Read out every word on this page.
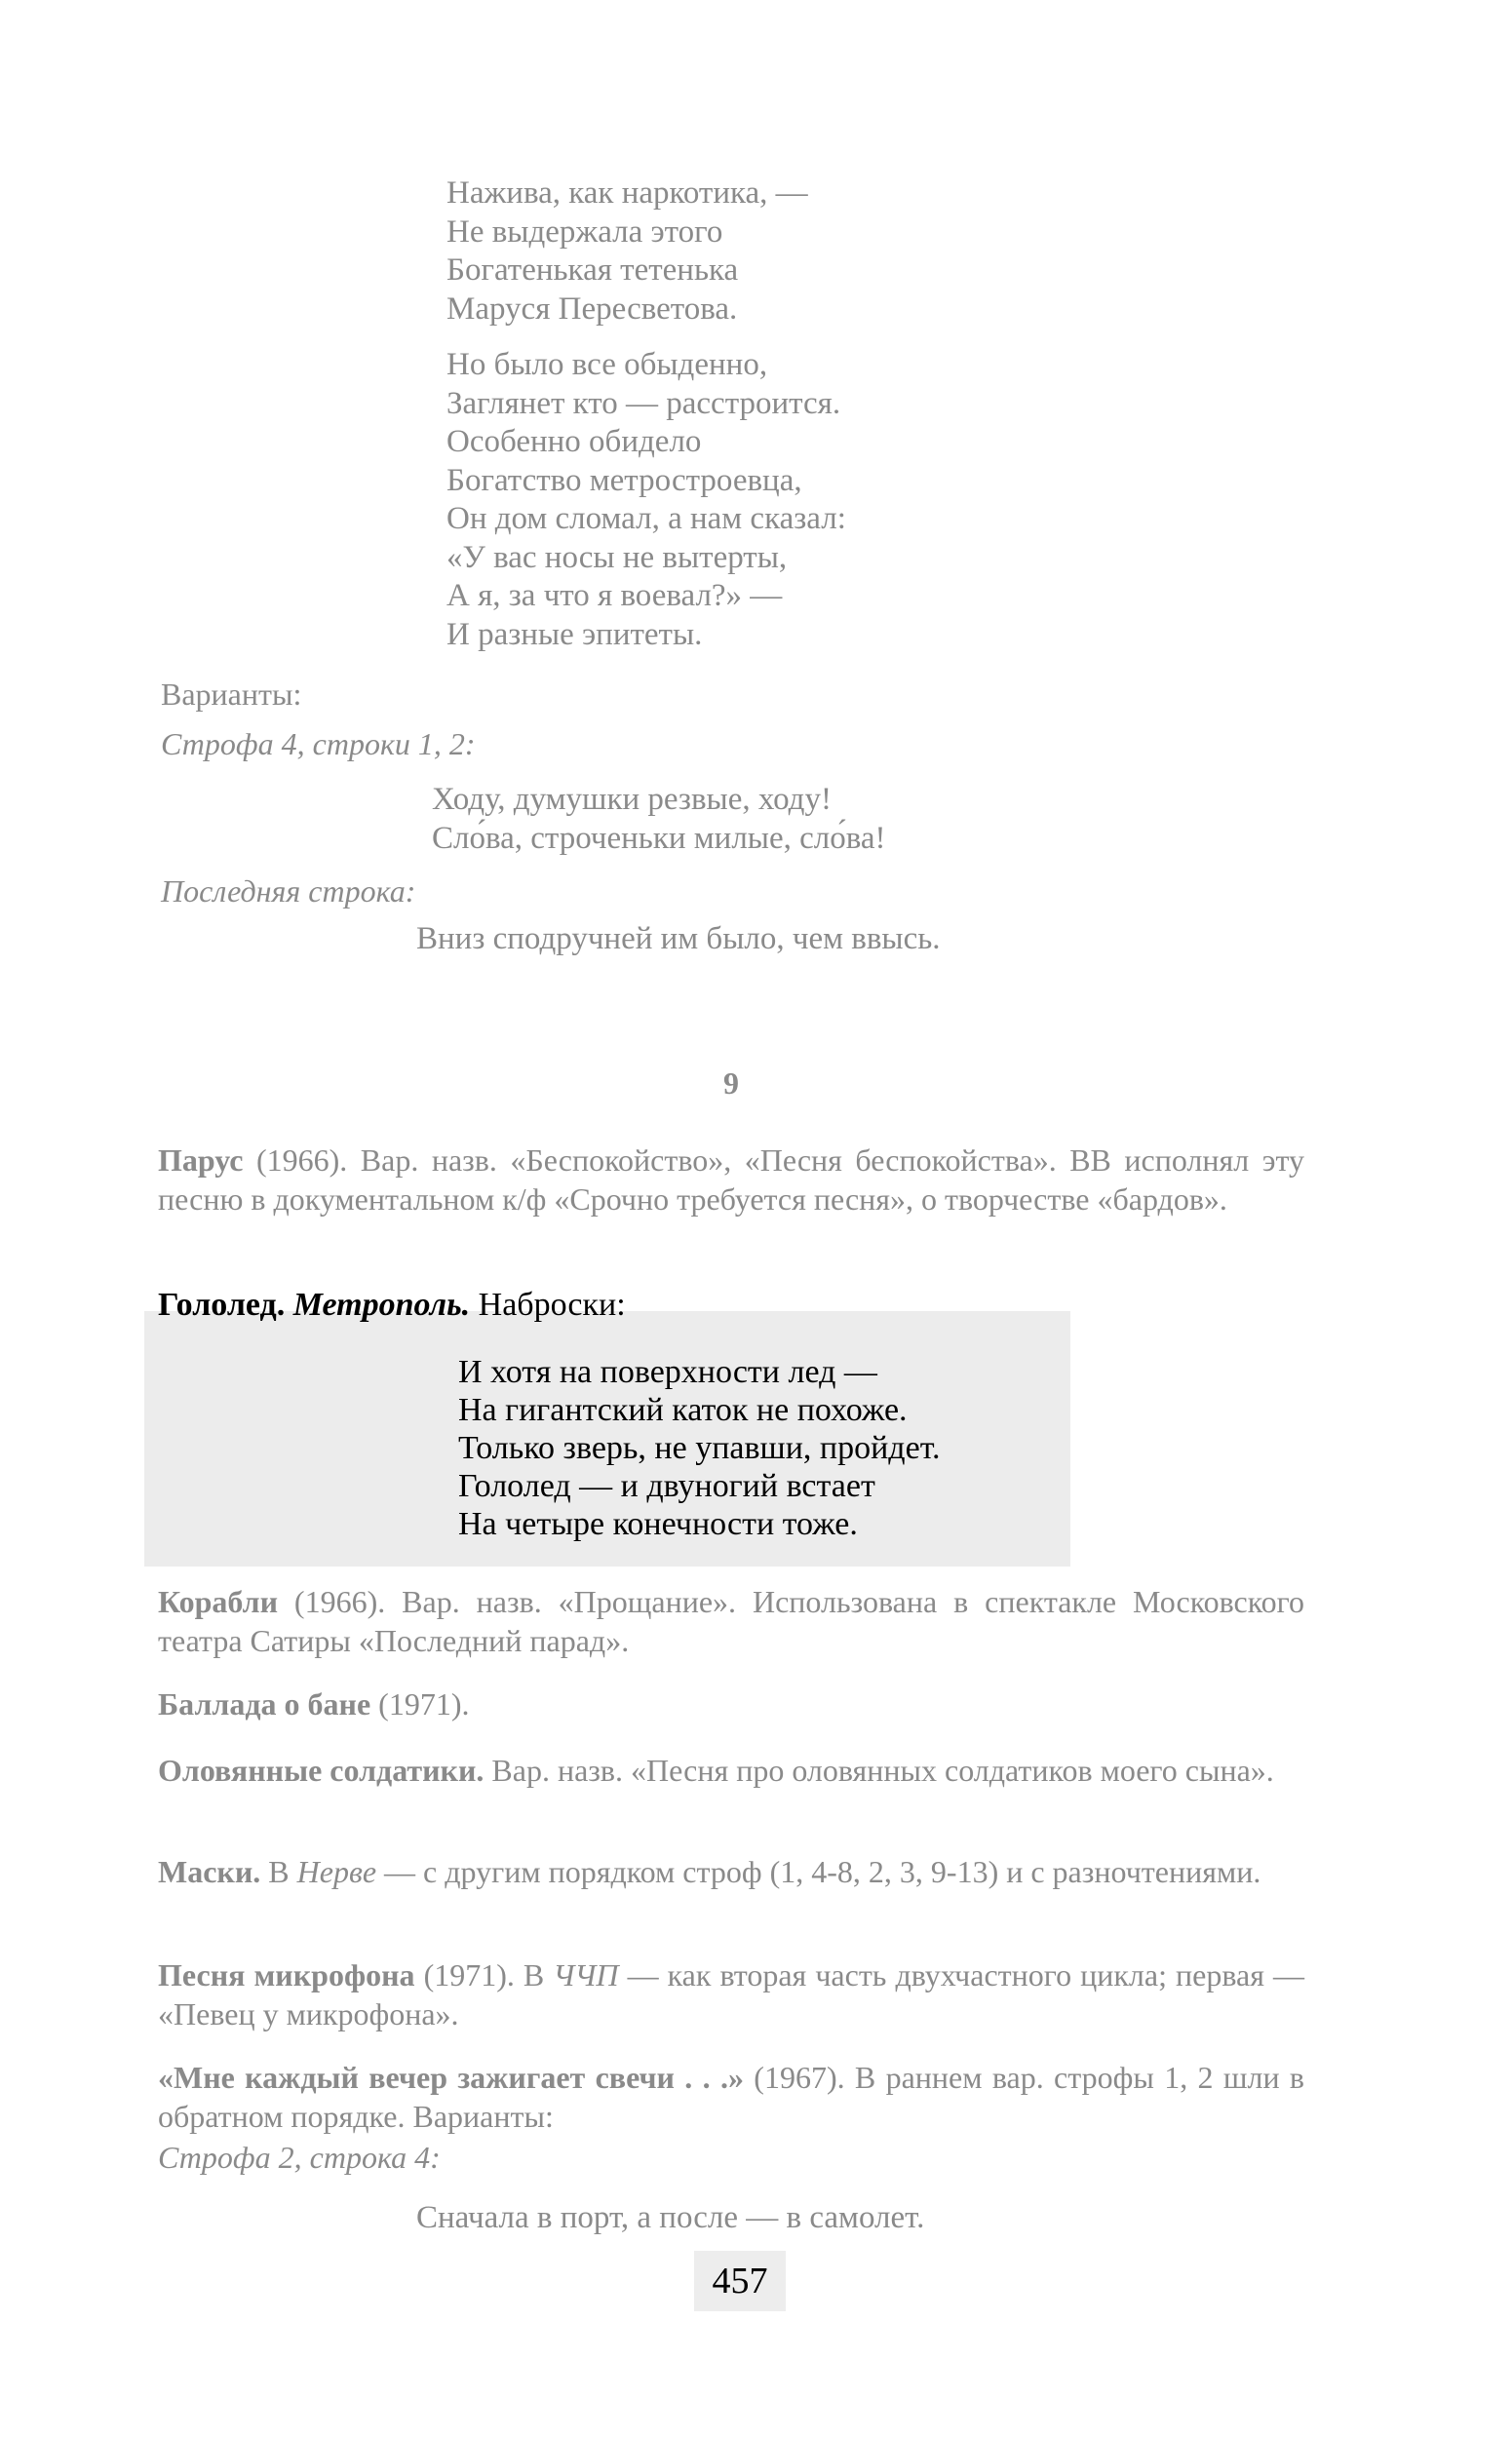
Нажива, как наркотика, —
Не выдержала этого
Богатенькая тетенька
Маруся Пересветова.
Но было все обыденно,
Заглянет кто — расстроится.
Особенно обидело
Богатство метростроевца,
Он дом сломал, а нам сказал:
«У вас носы не вытерты,
А я, за что я воевал?» —
И разные эпитеты.
Варианты:
Строфа 4, строки 1, 2:
Ходу, думушки резвые, ходу!
Сло́ва, строченьки милые, сло́ва!
Последняя строка:
Вниз сподручней им было, чем ввысь.
9
Парус (1966). Вар. назв. «Беспокойство», «Песня беспокойства». ВВ исполнял эту песню в документальном к/ф «Срочно требуется песня», о творчестве «бардов».
Гололед. Метрополь. Наброски:
И хотя на поверхности лед —
На гигантский каток не похоже.
Только зверь, не упавши, пройдет.
Гололед — и двуногий встает
На четыре конечности тоже.
Корабли (1966). Вар. назв. «Прощание». Использована в спектакле Московского театра Сатиры «Последний парад».
Баллада о бане (1971).
Оловянные солдатики. Вар. назв. «Песня про оловянных солдатиков моего сына».
Маски. В Нерве — с другим порядком строф (1, 4-8, 2, 3, 9-13) и с разночтениями.
Песня микрофона (1971). В ЧЧП — как вторая часть двухчастного цикла; первая — «Певец у микрофона».
«Мне каждый вечер зажигает свечи . . .» (1967). В раннем вар. строфы 1, 2 шли в обратном порядке. Варианты:
Строфа 2, строка 4:
Сначала в порт, а после — в самолет.
457
